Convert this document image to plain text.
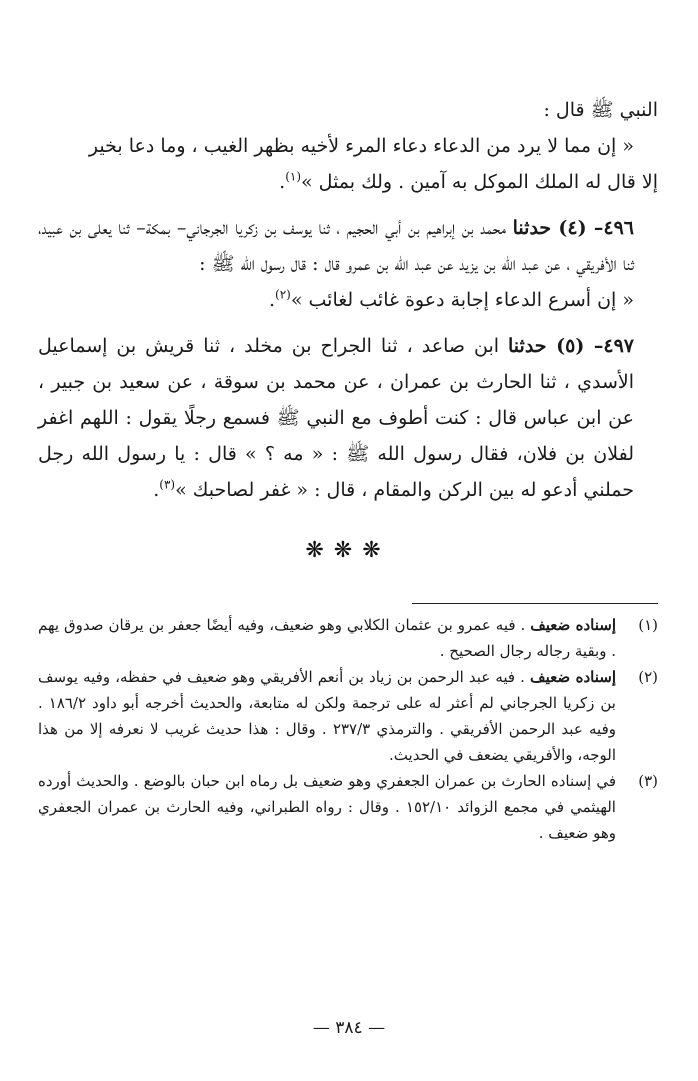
النبي ﷺ قال :

« إن مما لا يرد من الدعاء دعاء المرء لأخيه بظهر الغيب ، وما دعا بخير

إلا قال له الملك الموكل به آمين . ولك بمثل »$^{(١)}$.

٤٩٦– (٤) حدثنا محمد بن إبراهيم بن أبي الحجيم ، ثنا يوسف بن زكريا الجرجاني– بمكة– ثنا يعلى بن عبيد، ثنا الأفريقي ، عن عبد الله بن يزيد عن عبد الله بن عمرو قال : قال رسول الله ﷺ :

« إن أسرع الدعاء إجابة دعوة غائب لغائب »$^{(٢)}$.

٤٩٧– (٥) حدثنا ابن صاعد ، ثنا الجراح بن مخلد ، ثنا قريش بن إسماعيل الأسدي ، ثنا الحارث بن عمران ، عن محمد بن سوقة ، عن سعيد بن جبير ، عن ابن عباس قال : كنت أطوف مع النبي ﷺ فسمع رجلًا يقول : اللهم اغفر لفلان بن فلان، فقال رسول الله ﷺ : « مه ؟ » قال : يا رسول الله رجل حملني أدعو له بين الركن والمقام ، قال : « غفر لصاحبك »$^{(٣)}$.

❋❋❋
(١)
إسناده ضعيف . فيه عمرو بن عثمان الكلابي وهو ضعيف، وفيه أيضًا جعفر بن يرقان صدوق يهم . وبقية رجاله رجال الصحيح .
(٢)
إسناده ضعيف . فيه عبد الرحمن بن زياد بن أنعم الأفريقي وهو ضعيف في حفظه، وفيه يوسف بن زكريا الجرجاني لم أعثر له على ترجمة ولكن له متابعة، والحديث أخرجه أبو داود ١٨٦/٢ . وفيه عبد الرحمن الأفريقي . والترمذي ٢٣٧/٣ . وقال : هذا حديث غريب لا نعرفه إلا من هذا الوجه، والأفريقي يضعف في الحديث.
(٣)
في إسناده الحارث بن عمران الجعفري وهو ضعيف بل رماه ابن حبان بالوضع . والحديث أورده الهيثمي في مجمع الزوائد ١٥٢/١٠ . وقال : رواه الطبراني، وفيه الحارث بن عمران الجعفري وهو ضعيف .
— ٣٨٤ —
